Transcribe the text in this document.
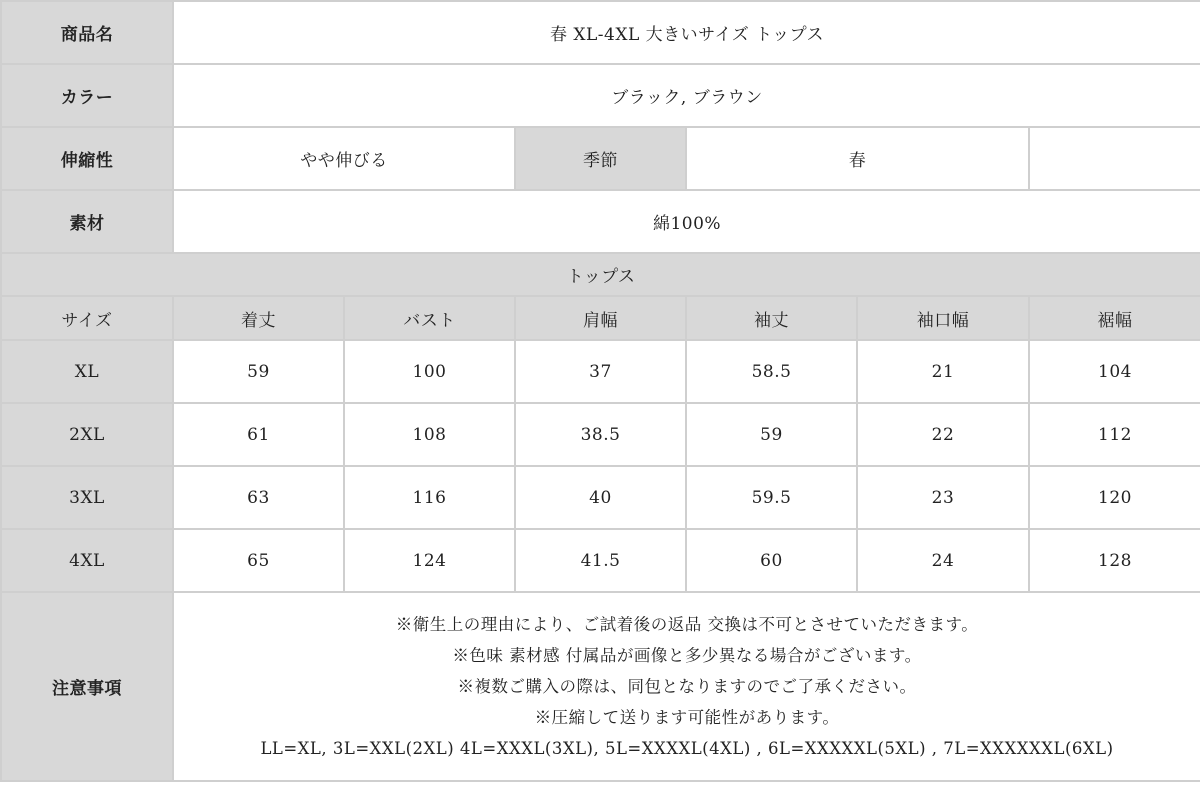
商品名	春 XL-4XL 大きいサイズ トップス					
カラー	ブラック, ブラウン					
伸縮性	やや伸びる		季節	春		
素材	綿100%					
トップス						
サイズ	着丈	バスト	肩幅	袖丈	袖口幅	裾幅
XL	59	100	37	58.5	21	104
2XL	61	108	38.5	59	22	112
3XL	63	116	40	59.5	23	120
4XL	65	124	41.5	60	24	128
注意事項	※衛生上の理由により、ご試着後の返品 交換は不可とさせていただきます。
※色味 素材感 付属品が画像と多少異なる場合がございます。
※複数ご購入の際は、同包となりますのでご了承ください。
※圧縮して送ります可能性があります。
LL=XL, 3L=XXL(2XL) 4L=XXXL(3XL), 5L=XXXXL(4XL) , 6L=XXXXXL(5XL) , 7L=XXXXXXL(6XL)					
